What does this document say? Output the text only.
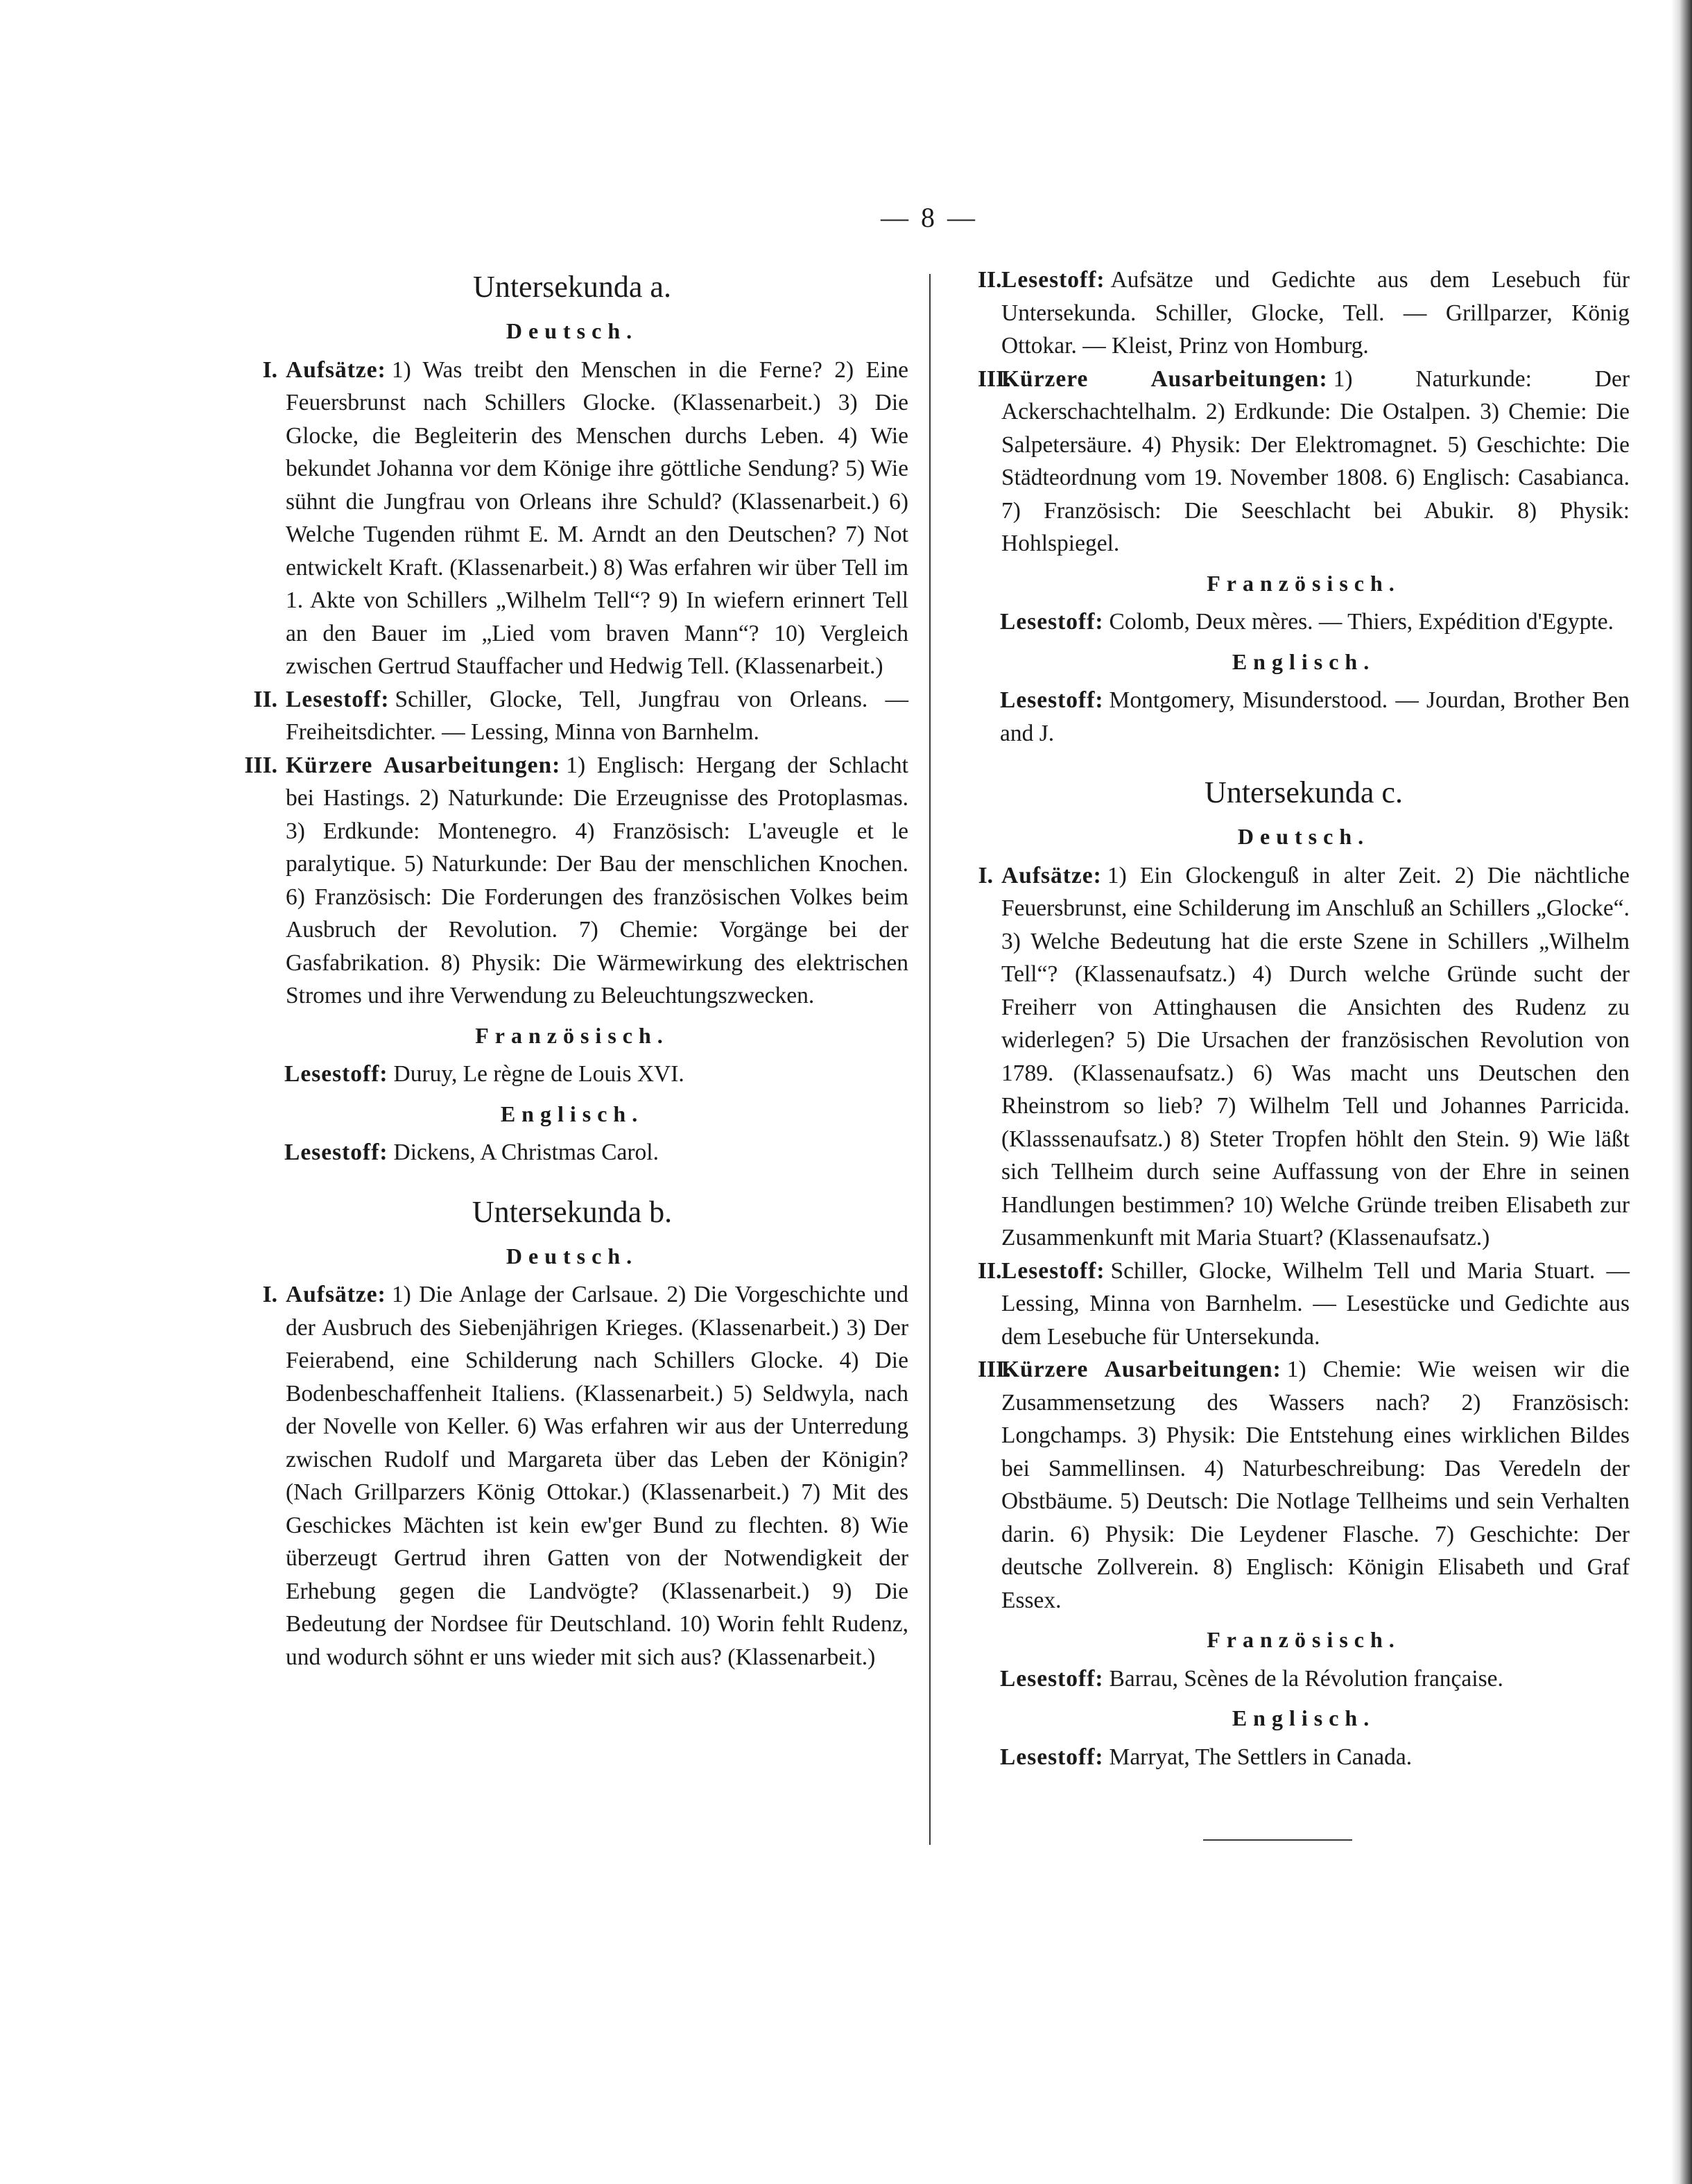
— 8 —
Untersekunda a.
Deutsch.

I. Aufsätze: 1) Was treibt den Menschen in die Ferne? 2) Eine Feuersbrunst nach Schillers Glocke. (Klassenarbeit.) 3) Die Glocke, die Begleiterin des Menschen durchs Leben. 4) Wie bekundet Johanna vor dem Könige ihre göttliche Sendung? 5) Wie sühnt die Jungfrau von Orleans ihre Schuld? (Klassenarbeit.) 6) Welche Tugenden rühmt E. M. Arndt an den Deutschen? 7) Not entwickelt Kraft. (Klassenarbeit.) 8) Was erfahren wir über Tell im 1. Akte von Schillers „Wilhelm Tell“? 9) In wiefern erinnert Tell an den Bauer im „Lied vom braven Mann“? 10) Vergleich zwischen Gertrud Stauffacher und Hedwig Tell. (Klassenarbeit.)

II. Lesestoff: Schiller, Glocke, Tell, Jungfrau von Orleans. — Freiheitsdichter. — Lessing, Minna von Barnhelm.

III. Kürzere Ausarbeitungen: 1) Englisch: Hergang der Schlacht bei Hastings. 2) Naturkunde: Die Erzeugnisse des Protoplasmas. 3) Erdkunde: Montenegro. 4) Französisch: L'aveugle et le paralytique. 5) Naturkunde: Der Bau der menschlichen Knochen. 6) Französisch: Die Forderungen des französischen Volkes beim Ausbruch der Revolution. 7) Chemie: Vorgänge bei der Gasfabrikation. 8) Physik: Die Wärmewirkung des elektrischen Stromes und ihre Verwendung zu Beleuchtungszwecken.

Französisch.

Lesestoff: Duruy, Le règne de Louis XVI.

Englisch.

Lesestoff: Dickens, A Christmas Carol.

Untersekunda b.
Deutsch.

I. Aufsätze: 1) Die Anlage der Carlsaue. 2) Die Vorgeschichte und der Ausbruch des Siebenjährigen Krieges. (Klassenarbeit.) 3) Der Feierabend, eine Schilderung nach Schillers Glocke. 4) Die Bodenbeschaffenheit Italiens. (Klassenarbeit.) 5) Seldwyla, nach der Novelle von Keller. 6) Was erfahren wir aus der Unterredung zwischen Rudolf und Margareta über das Leben der Königin? (Nach Grillparzers König Ottokar.) (Klassenarbeit.) 7) Mit des Geschickes Mächten ist kein ew'ger Bund zu flechten. 8) Wie überzeugt Gertrud ihren Gatten von der Notwendigkeit der Erhebung gegen die Landvögte? (Klassenarbeit.) 9) Die Bedeutung der Nordsee für Deutschland. 10) Worin fehlt Rudenz, und wodurch söhnt er uns wieder mit sich aus? (Klassenarbeit.)

II. Lesestoff: Aufsätze und Gedichte aus dem Lesebuch für Untersekunda. Schiller, Glocke, Tell. — Grillparzer, König Ottokar. — Kleist, Prinz von Homburg.

III.
Kürzere Ausarbeitungen: 1) Naturkunde: Der Ackerschachtelhalm. 2) Erdkunde: Die Ostalpen. 3) Chemie: Die Salpetersäure. 4) Physik: Der Elektromagnet. 5) Geschichte: Die Städteordnung vom 19. November 1808. 6) Englisch: Casabianca. 7) Französisch: Die Seeschlacht bei Abukir. 8) Physik: Hohlspiegel.

Französisch.

Lesestoff: Colomb, Deux mères. — Thiers, Expédition d'Egypte.

Englisch.

Lesestoff: Montgomery, Misunderstood. — Jourdan, Brother Ben and J.

Untersekunda c.
Deutsch.

I. Aufsätze: 1) Ein Glockenguß in alter Zeit. 2) Die nächtliche Feuersbrunst, eine Schilderung im Anschluß an Schillers „Glocke“. 3) Welche Bedeutung hat die erste Szene in Schillers „Wilhelm Tell“? (Klassenaufsatz.) 4) Durch welche Gründe sucht der Freiherr von Attinghausen die Ansichten des Rudenz zu widerlegen? 5) Die Ursachen der französischen Revolution von 1789. (Klassenaufsatz.) 6) Was macht uns Deutschen den Rheinstrom so lieb? 7) Wilhelm Tell und Johannes Parricida. (Klasssenaufsatz.) 8) Steter Tropfen höhlt den Stein. 9) Wie läßt sich Tellheim durch seine Auffassung von der Ehre in seinen Handlungen bestimmen? 10) Welche Gründe treiben Elisabeth zur Zusammenkunft mit Maria Stuart? (Klassenaufsatz.)

II. Lesestoff: Schiller, Glocke, Wilhelm Tell und Maria Stuart. — Lessing, Minna von Barnhelm. — Lesestücke und Gedichte aus dem Lesebuche für Untersekunda.

III.
Kürzere Ausarbeitungen: 1) Chemie: Wie weisen wir die Zusammensetzung des Wassers nach? 2) Französisch: Longchamps. 3) Physik: Die Entstehung eines wirklichen Bildes bei Sammellinsen. 4) Naturbeschreibung: Das Veredeln der Obstbäume. 5) Deutsch: Die Notlage Tellheims und sein Verhalten darin. 6) Physik: Die Leydener Flasche. 7) Geschichte: Der deutsche Zollverein. 8) Englisch: Königin Elisabeth und Graf Essex.

Französisch.

Lesestoff: Barrau, Scènes de la Révolution française.

Englisch.

Lesestoff: Marryat, The Settlers in Canada.
